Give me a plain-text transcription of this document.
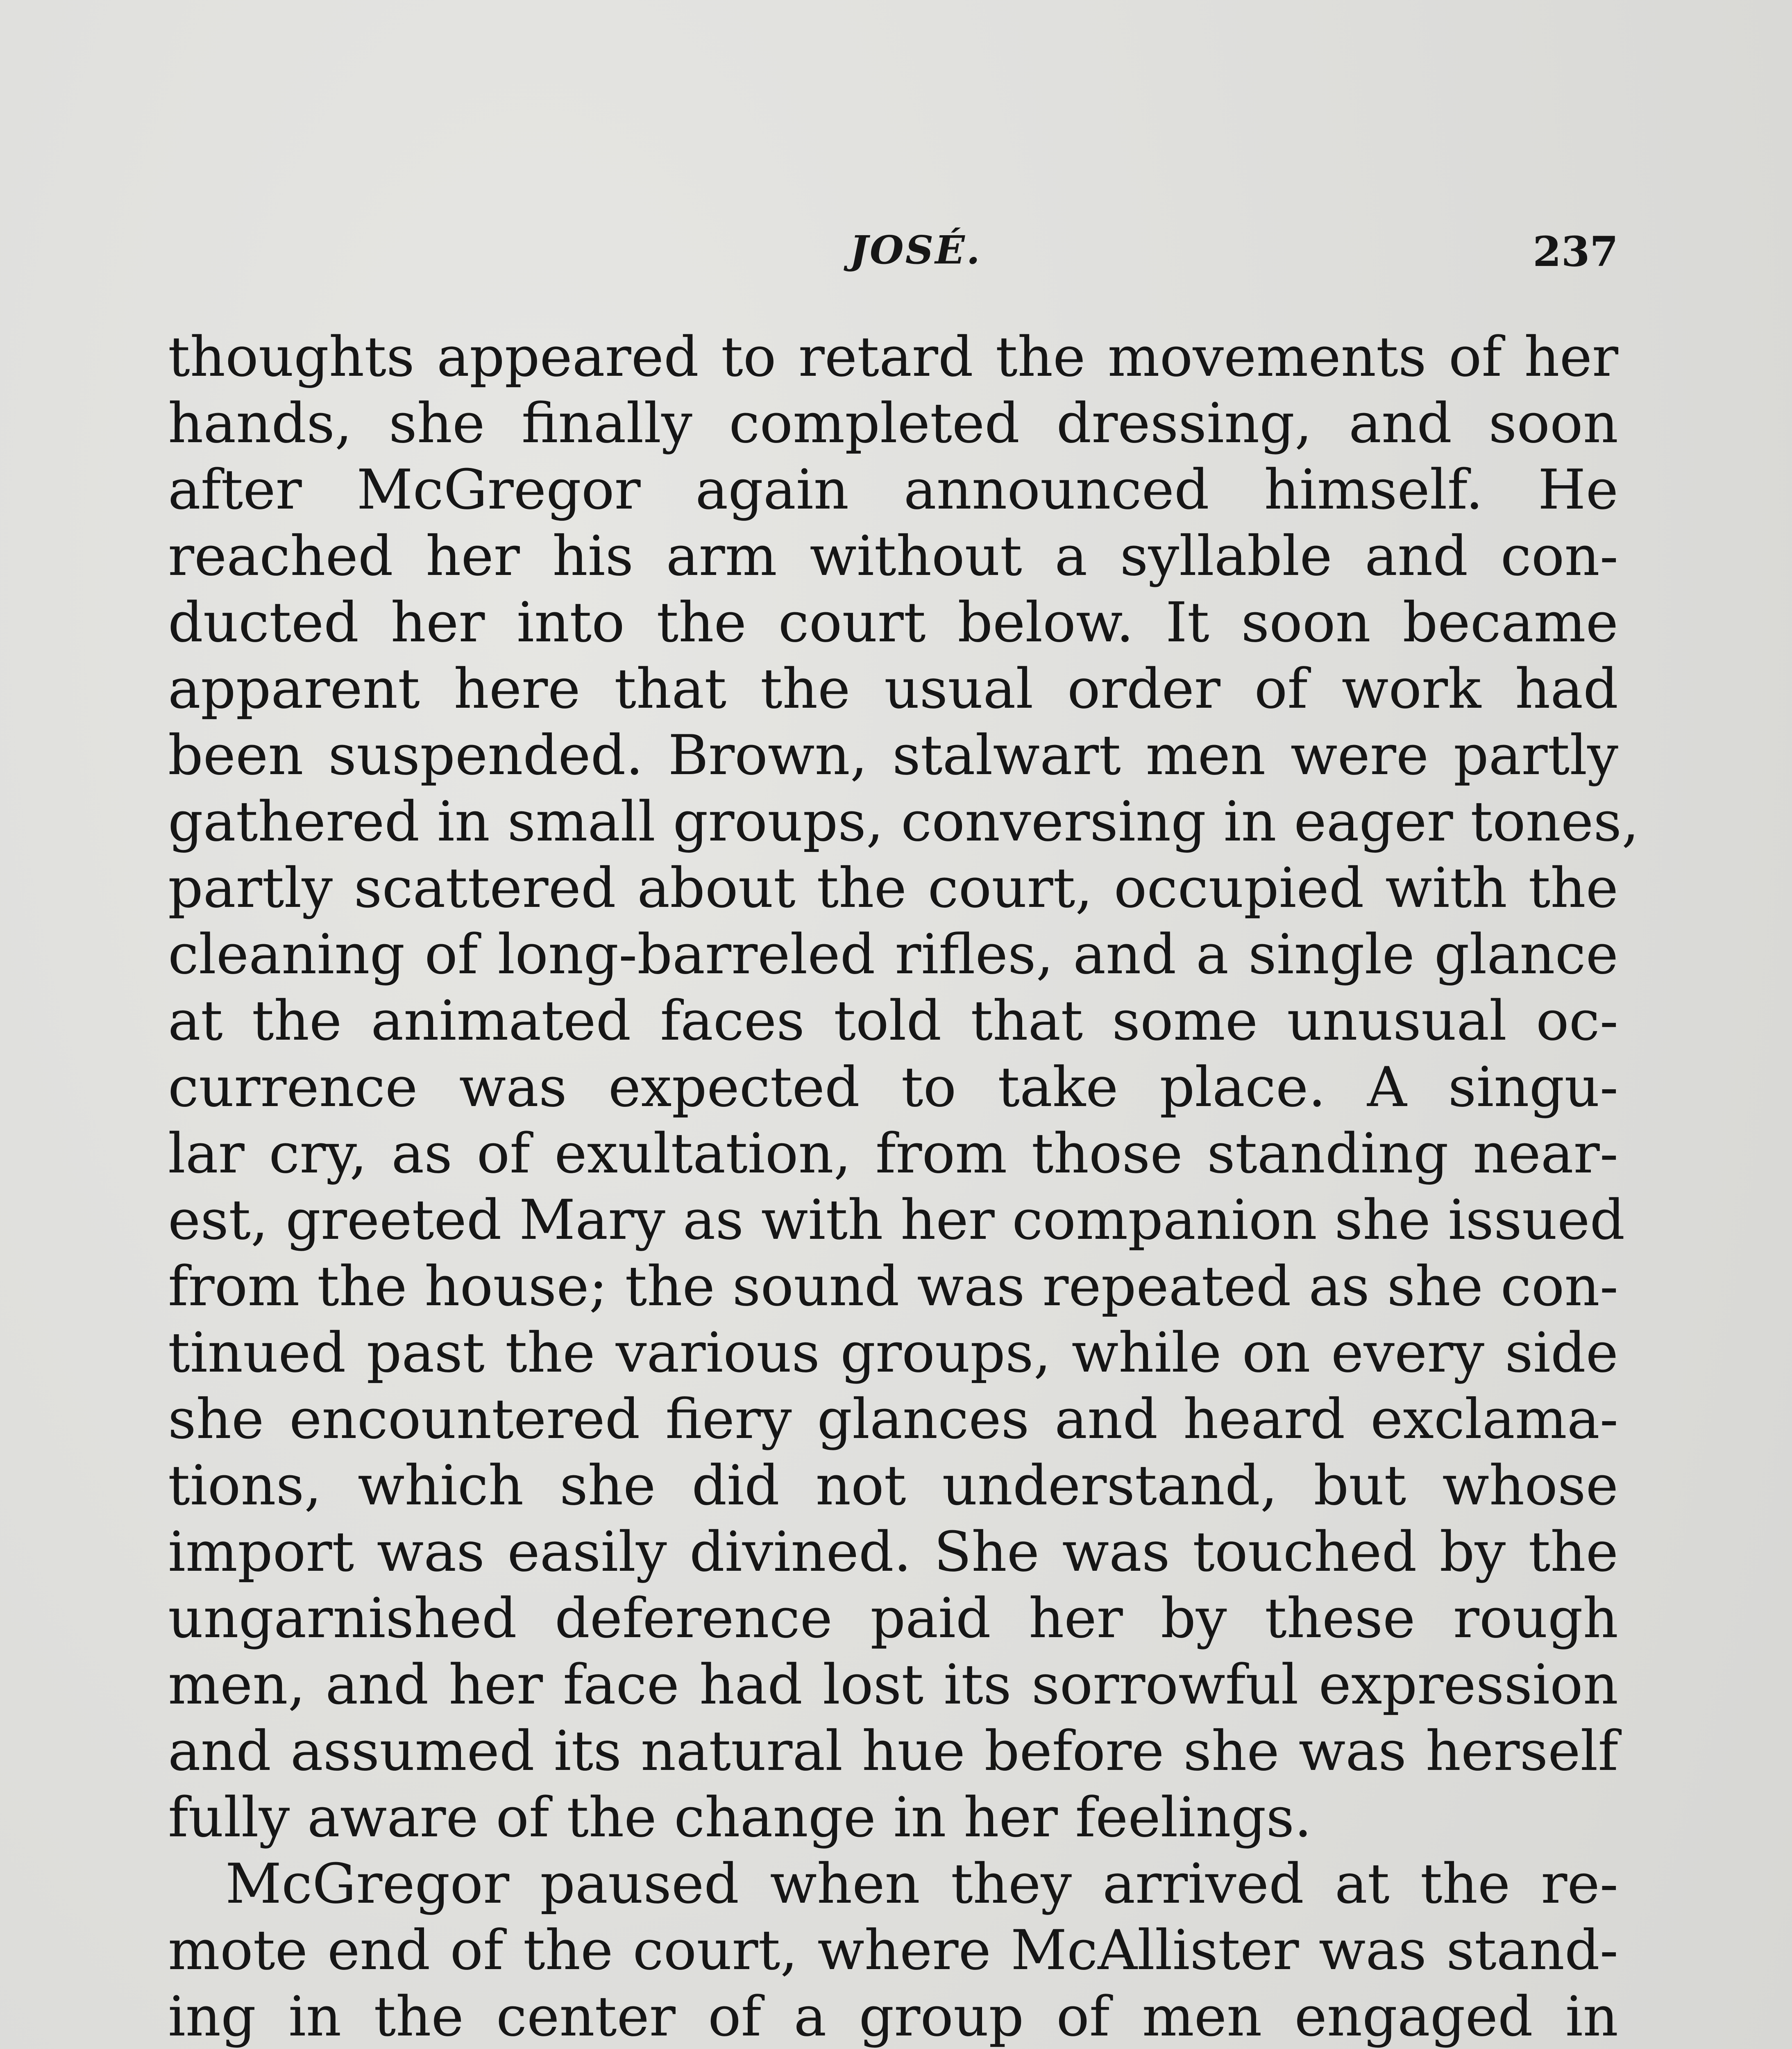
JOSÉ.	237
thoughts appeared to retard the movements of her
hands, she finally completed dressing, and soon
after McGregor again announced himself. He
reached her his arm without a syllable and con-
ducted her into the court below. It soon became
apparent here that the usual order of work had
been suspended. Brown, stalwart men were partly
gathered in small groups, conversing in eager tones,
partly scattered about the court, occupied with the
cleaning of long-barreled rifles, and a single glance
at the animated faces told that some unusual oc-
currence was expected to take place. A singu-
lar cry, as of exultation, from those standing near-
est, greeted Mary as with her companion she issued
from the house; the sound was repeated as she con-
tinued past the various groups, while on every side
she encountered fiery glances and heard exclama-
tions, which she did not understand, but whose
import was easily divined. She was touched by the
ungarnished deference paid her by these rough
men, and her face had lost its sorrowful expression
and assumed its natural hue before she was herself
fully aware of the change in her feelings.
McGregor paused when they arrived at the re-
mote end of the court, where McAllister was stand-
ing in the center of a group of men engaged in
